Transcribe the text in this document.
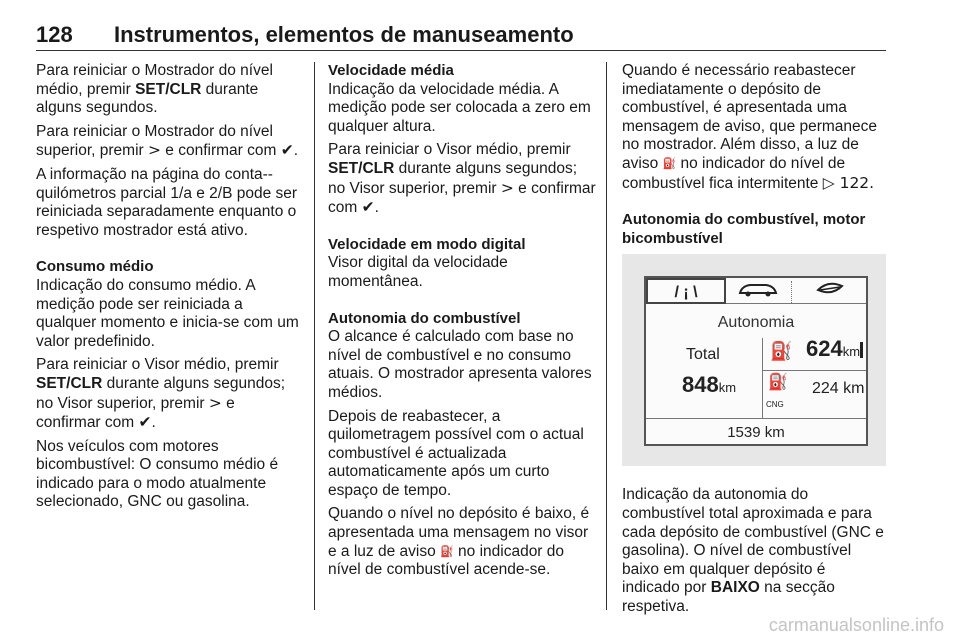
128 Instrumentos, elementos de manuseamento

Para reiniciar o Mostrador do nível médio, premir SET/CLR durante alguns segundos.

Para reiniciar o Mostrador do nível superior, premir > e confirmar com ✔.

A informação na página do conta--quilómetros parcial 1/a e 2/B pode ser reiniciada separadamente enquanto o respetivo mostrador está ativo.

Consumo médio

Indicação do consumo médio. A medição pode ser reiniciada a qualquer momento e inicia-se com um valor predefinido.

Para reiniciar o Visor médio, premir SET/CLR durante alguns segundos; no Visor superior, premir > e confirmar com ✔.

Nos veículos com motores bicombustível: O consumo médio é indicado para o modo atualmente selecionado, GNC ou gasolina.

Velocidade média

Indicação da velocidade média. A medição pode ser colocada a zero em qualquer altura.

Para reiniciar o Visor médio, premir SET/CLR durante alguns segundos; no Visor superior, premir > e confirmar com ✔.

Velocidade em modo digital

Visor digital da velocidade momentânea.

Autonomia do combustível

O alcance é calculado com base no nível de combustível e no consumo atuais. O mostrador apresenta valores médios.

Depois de reabastecer, a quilometragem possível com o actual combustível é actualizada automaticamente após um curto espaço de tempo.

Quando o nível no depósito é baixo, é apresentada uma mensagem no visor e a luz de aviso ⛽ no indicador do nível de combustível acende-se.

Quando é necessário reabastecer imediatamente o depósito de combustível, é apresentada uma mensagem de aviso, que permanece no mostrador. Além disso, a luz de aviso ⛽ no indicador do nível de combustível fica intermitente ▷ 122.

Autonomia do combustível, motor bicombustível
/ ¡ \
Autonomia
Total
848km
⛽ 624km
⛽
CNG
224 km
1539 km

Indicação da autonomia do combustível total aproximada e para cada depósito de combustível (GNC e gasolina). O nível de combustível baixo em qualquer depósito é indicado por BAIXO na secção respetiva.

carmanualsonline.info
